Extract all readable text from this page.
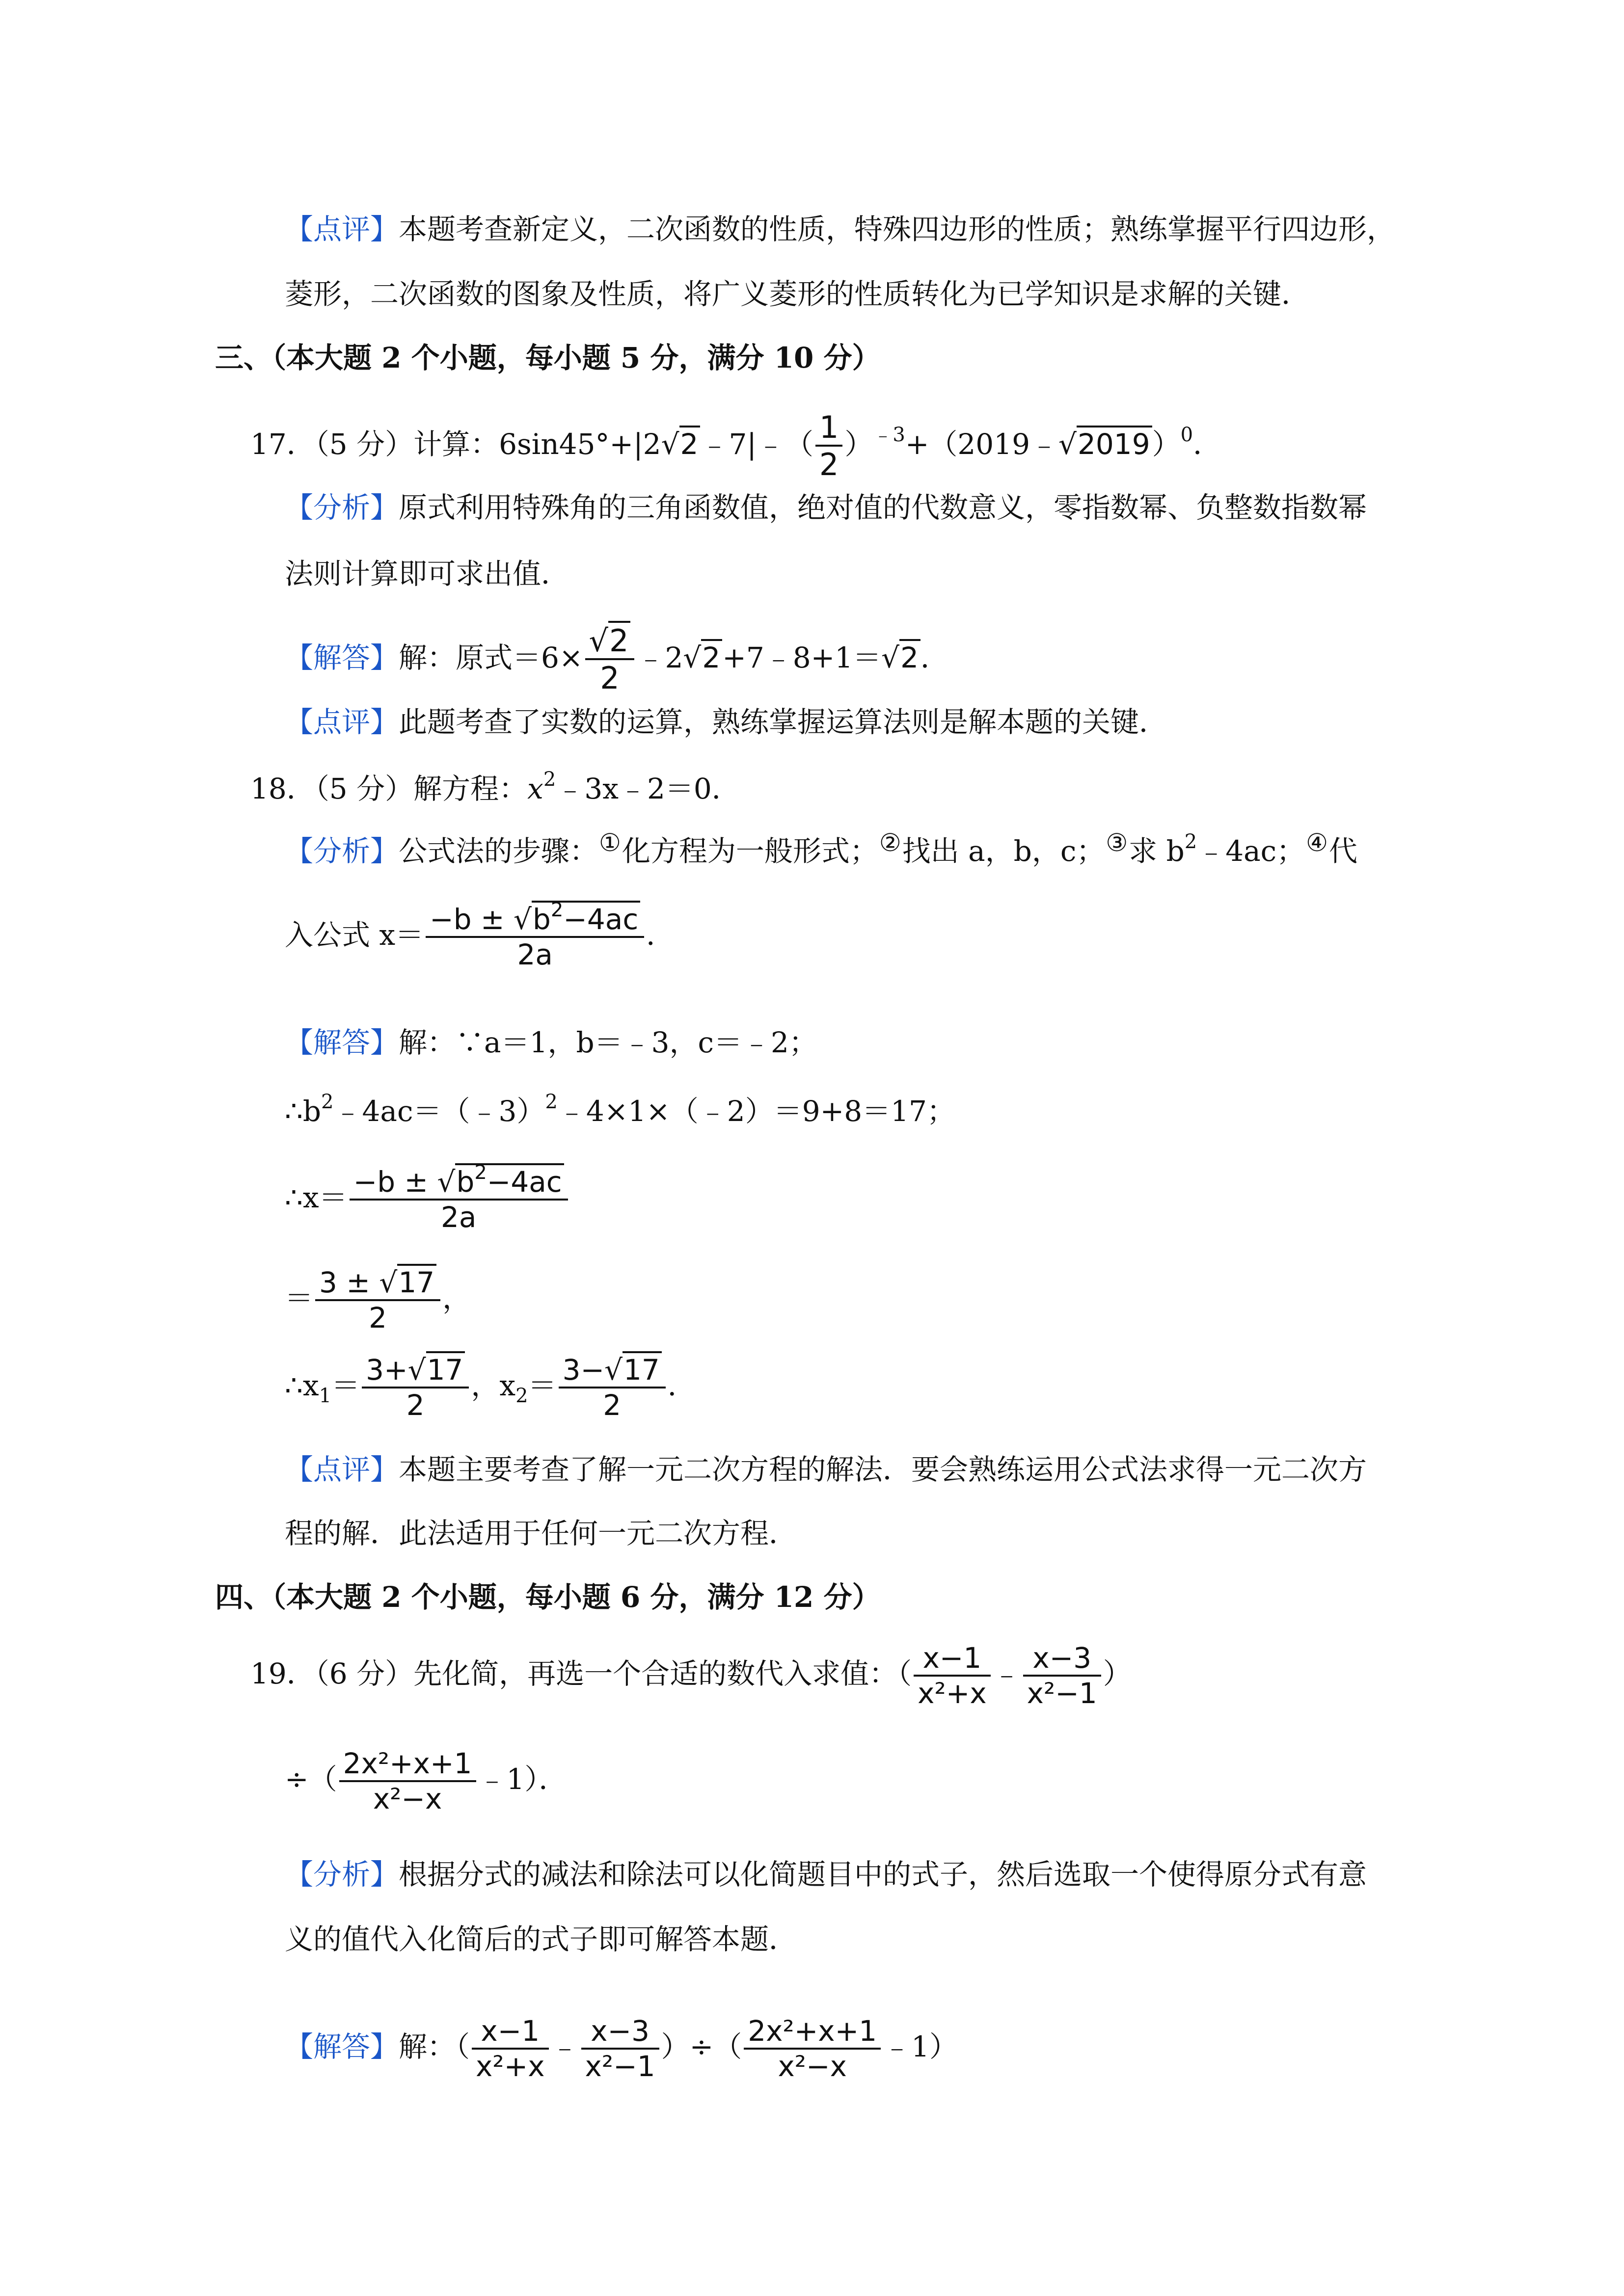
【点评】本题考查新定义，二次函数的性质，特殊四边形的性质；熟练掌握平行四边形，
菱形，二次函数的图象及性质，将广义菱形的性质转化为已学知识是求解的关键．
三、（本大题 2 个小题，每小题 5 分，满分 10 分）
17．（5 分）计算：6sin45°+|2√2﹣7|﹣（ $\frac{1}{2}$ ）$^{﹣3}$+（2019﹣√2019）$^0$．
【分析】原式利用特殊角的三角函数值，绝对值的代数意义，零指数幂、负整数指数幂
法则计算即可求出值．
【解答】解：原式$=6\times \frac{√2}{2}$ ﹣2√2+7﹣8+1＝√2．
【点评】此题考查了实数的运算，熟练掌握运算法则是解本题的关键．
18．（5 分）解方程：$x^2﹣3x﹣2=0$．
【分析】公式法的步骤：①化方程为一般形式；②找出 a，b，c；③求 $b^2﹣4ac$；④代
入公式 $x= \frac{-b \pm √b^2-4ac}{2a}$ ．
【解答】解：∵a＝1，b＝﹣3，c＝﹣2；
$\therefore b^2﹣4ac=(﹣3)^2﹣4\times 1\times(﹣2)=9+8=17$；
∴x＝ $\frac{-b \pm √b^2-4ac}{2a}$
＝ $\frac{3 \pm √17}{2}$ ，
$\therefore x_1= \frac{3+√17}{2}$ ，$x_2= \frac{3-√17}{2}$ ．
【点评】本题主要考查了解一元二次方程的解法．要会熟练运用公式法求得一元二次方
程的解．此法适用于任何一元二次方程．
四、（本大题 2 个小题，每小题 6 分，满分 12 分）
19．（6 分）先化简，再选一个合适的数代入求值：（ $\frac{x-1}{\text{x²+x}}$ ﹣ $\frac{x-3}{\text{x²−1}}$ ）
÷（ $\frac{\text{2x²+x+1}}{\text{x²−x}}$ ﹣1）．
【分析】根据分式的减法和除法可以化简题目中的式子，然后选取一个使得原分式有意
义的值代入化简后的式子即可解答本题．
【解答】解：（ $\frac{x-1}{\text{x²+x}}$ ﹣ $\frac{x-3}{\text{x²−1}}$ ）÷（ $\frac{\text{2x²+x+1}}{\text{x²−x}}$ ﹣1）
